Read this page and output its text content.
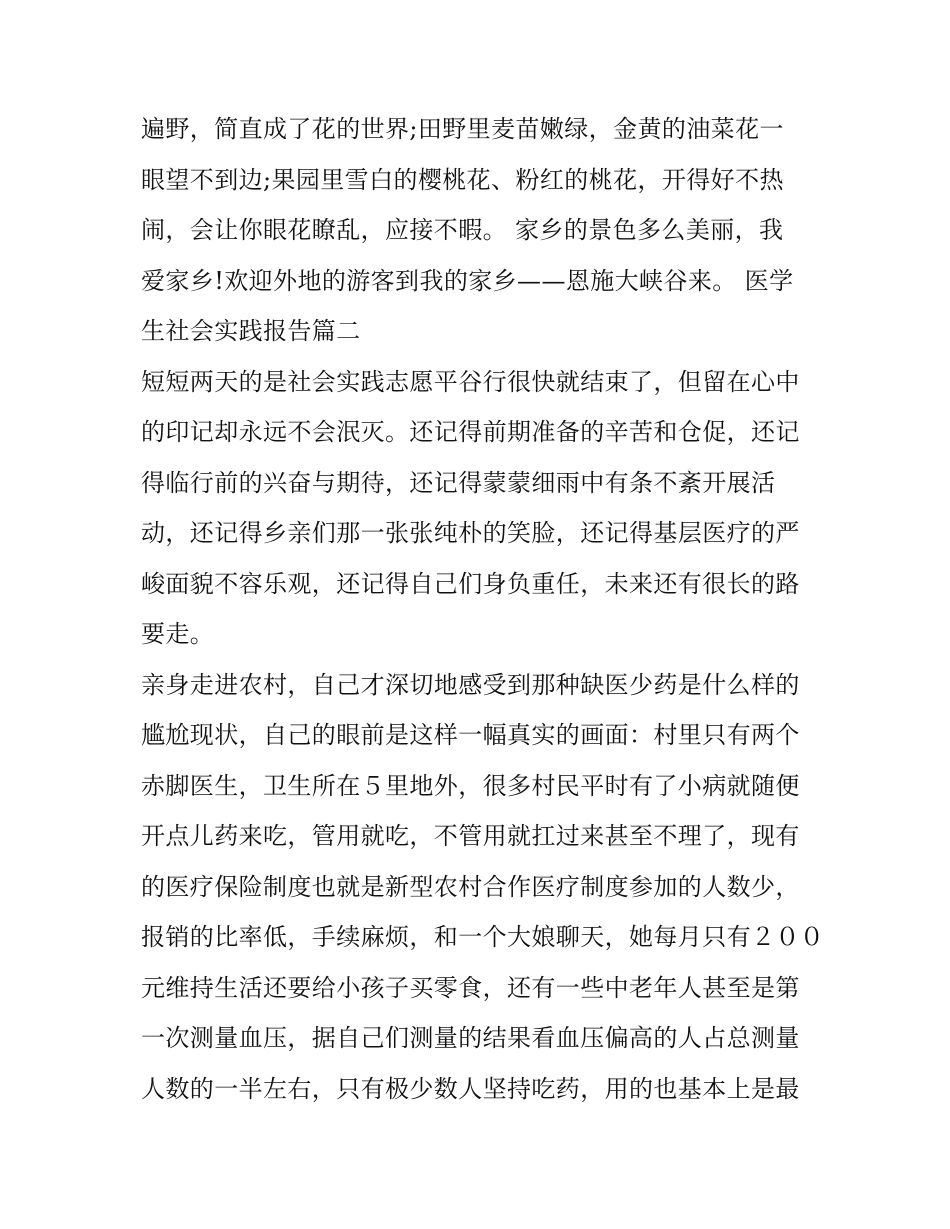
遍野，简直成了花的世界;田野里麦苗嫩绿，金黄的油菜花一
眼望不到边;果园里雪白的樱桃花、粉红的桃花，开得好不热
闹，会让你眼花瞭乱，应接不暇。 家乡的景色多么美丽，我
爱家乡!欢迎外地的游客到我的家乡——恩施大峡谷来。 医学
生社会实践报告篇二
短短两天的是社会实践志愿平谷行很快就结束了，但留在心中
的印记却永远不会泯灭。还记得前期准备的辛苦和仓促，还记
得临行前的兴奋与期待，还记得蒙蒙细雨中有条不紊开展活
动，还记得乡亲们那一张张纯朴的笑脸，还记得基层医疗的严
峻面貌不容乐观，还记得自己们身负重任，未来还有很长的路
要走。
亲身走进农村，自己才深切地感受到那种缺医少药是什么样的
尴尬现状，自己的眼前是这样一幅真实的画面：村里只有两个
赤脚医生，卫生所在５里地外，很多村民平时有了小病就随便
开点儿药来吃，管用就吃，不管用就扛过来甚至不理了，现有
的医疗保险制度也就是新型农村合作医疗制度参加的人数少，
报销的比率低，手续麻烦，和一个大娘聊天，她每月只有２００
元维持生活还要给小孩子买零食，还有一些中老年人甚至是第
一次测量血压，据自己们测量的结果看血压偏高的人占总测量
人数的一半左右，只有极少数人坚持吃药，用的也基本上是最
